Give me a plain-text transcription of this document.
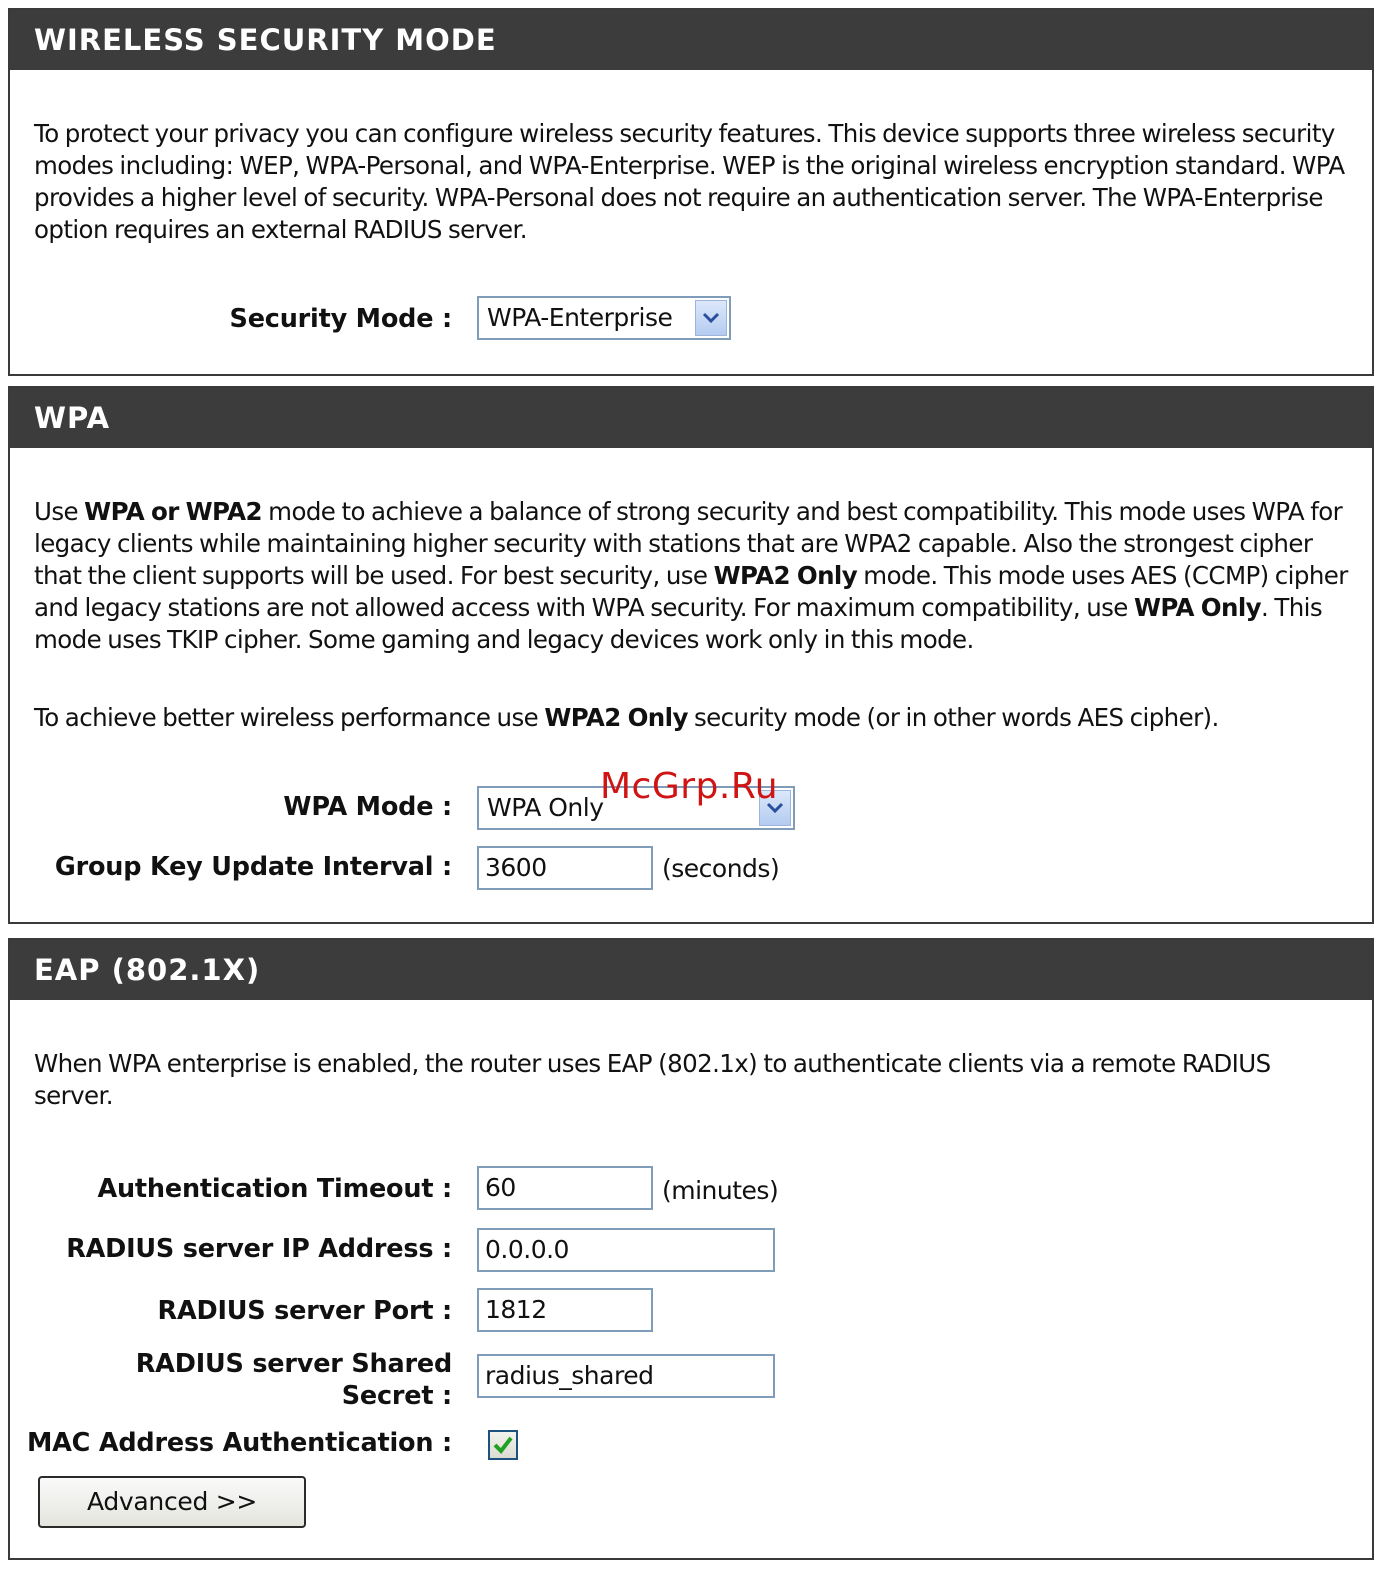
WIRELESS SECURITY MODE
To protect your privacy you can configure wireless security features. This device supports three wireless security modes including: WEP, WPA-Personal, and WPA-Enterprise. WEP is the original wireless encryption standard. WPA provides a higher level of security. WPA-Personal does not require an authentication server. The WPA-Enterprise option requires an external RADIUS server.
Security Mode :	WPA-Enterprise
WPA
Use WPA or WPA2 mode to achieve a balance of strong security and best compatibility. This mode uses WPA for legacy clients while maintaining higher security with stations that are WPA2 capable. Also the strongest cipher that the client supports will be used. For best security, use WPA2 Only mode. This mode uses AES (CCMP) cipher and legacy stations are not allowed access with WPA security. For maximum compatibility, use WPA Only. This mode uses TKIP cipher. Some gaming and legacy devices work only in this mode.
To achieve better wireless performance use WPA2 Only security mode (or in other words AES cipher).
WPA Mode :	WPA Only
Group Key Update Interval :	3600	(seconds)
EAP (802.1X)
When WPA enterprise is enabled, the router uses EAP (802.1x) to authenticate clients via a remote RADIUS server.
Authentication Timeout :	60	(minutes)
RADIUS server IP Address :	0.0.0.0
RADIUS server Port :	1812
RADIUS server Shared Secret :
radius_shared
MAC Address Authentication :
Advanced >>
McGrp.Ru
